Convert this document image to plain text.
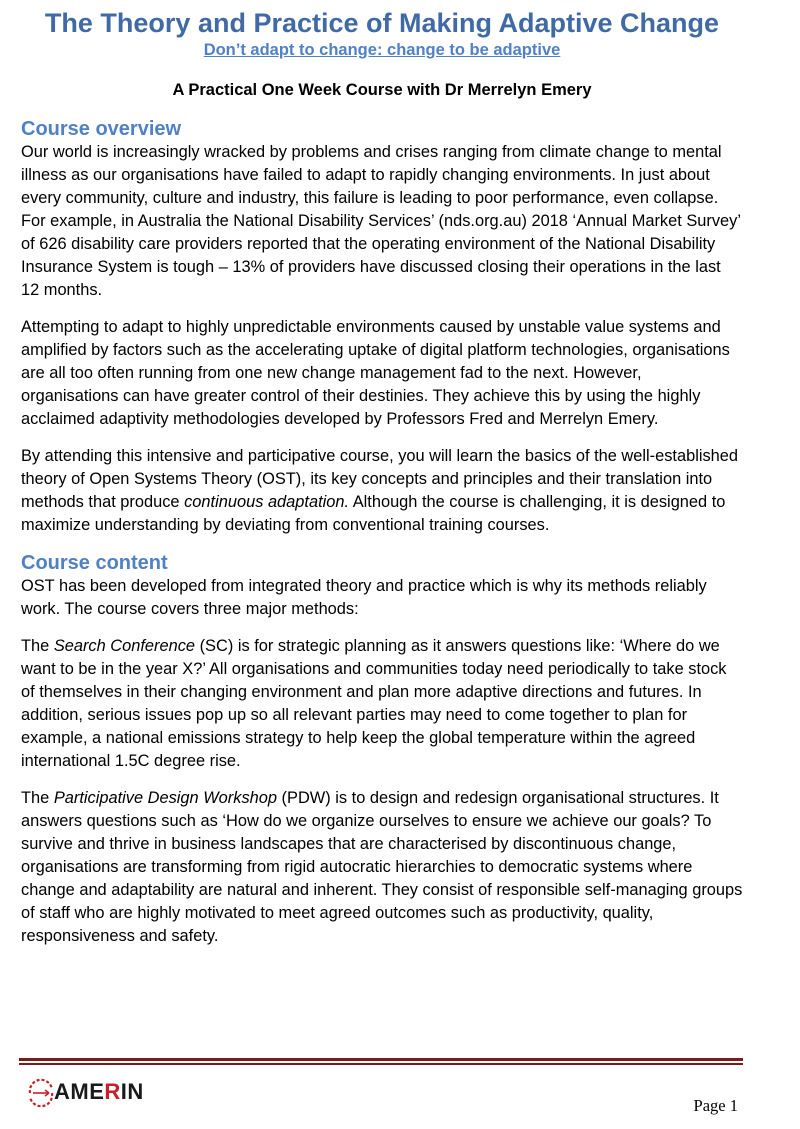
The Theory and Practice of Making Adaptive Change
Don’t adapt to change: change to be adaptive
A Practical One Week Course with Dr Merrelyn Emery
Course overview

Our world is increasingly wracked by problems and crises ranging from climate change to mental illness as our organisations have failed to adapt to rapidly changing environments. In just about every community, culture and industry, this failure is leading to poor performance, even collapse. For example, in Australia the National Disability Services’ (nds.org.au) 2018 ‘Annual Market Survey’ of 626 disability care providers reported that the operating environment of the National Disability Insurance System is tough – 13% of providers have discussed closing their operations in the last 12 months.

Attempting to adapt to highly unpredictable environments caused by unstable value systems and amplified by factors such as the accelerating uptake of digital platform technologies, organisations are all too often running from one new change management fad to the next. However, organisations can have greater control of their destinies. They achieve this by using the highly acclaimed adaptivity methodologies developed by Professors Fred and Merrelyn Emery.

By attending this intensive and participative course, you will learn the basics of the well-established theory of Open Systems Theory (OST), its key concepts and principles and their translation into methods that produce continuous adaptation. Although the course is challenging, it is designed to maximize understanding by deviating from conventional training courses.

Course content

OST has been developed from integrated theory and practice which is why its methods reliably work. The course covers three major methods:

The Search Conference (SC) is for strategic planning as it answers questions like: ‘Where do we want to be in the year X?’ All organisations and communities today need periodically to take stock of themselves in their changing environment and plan more adaptive directions and futures. In addition, serious issues pop up so all relevant parties may need to come together to plan for example, a national emissions strategy to help keep the global temperature within the agreed international 1.5C degree rise.

The Participative Design Workshop (PDW) is to design and redesign organisational structures. It answers questions such as ‘How do we organize ourselves to ensure we achieve our goals? To survive and thrive in business landscapes that are characterised by discontinuous change, organisations are transforming from rigid autocratic hierarchies to democratic systems where change and adaptability are natural and inherent. They consist of responsible self-managing groups of staff who are highly motivated to meet agreed outcomes such as productivity, quality, responsiveness and safety.

AMERIN
Page 1
